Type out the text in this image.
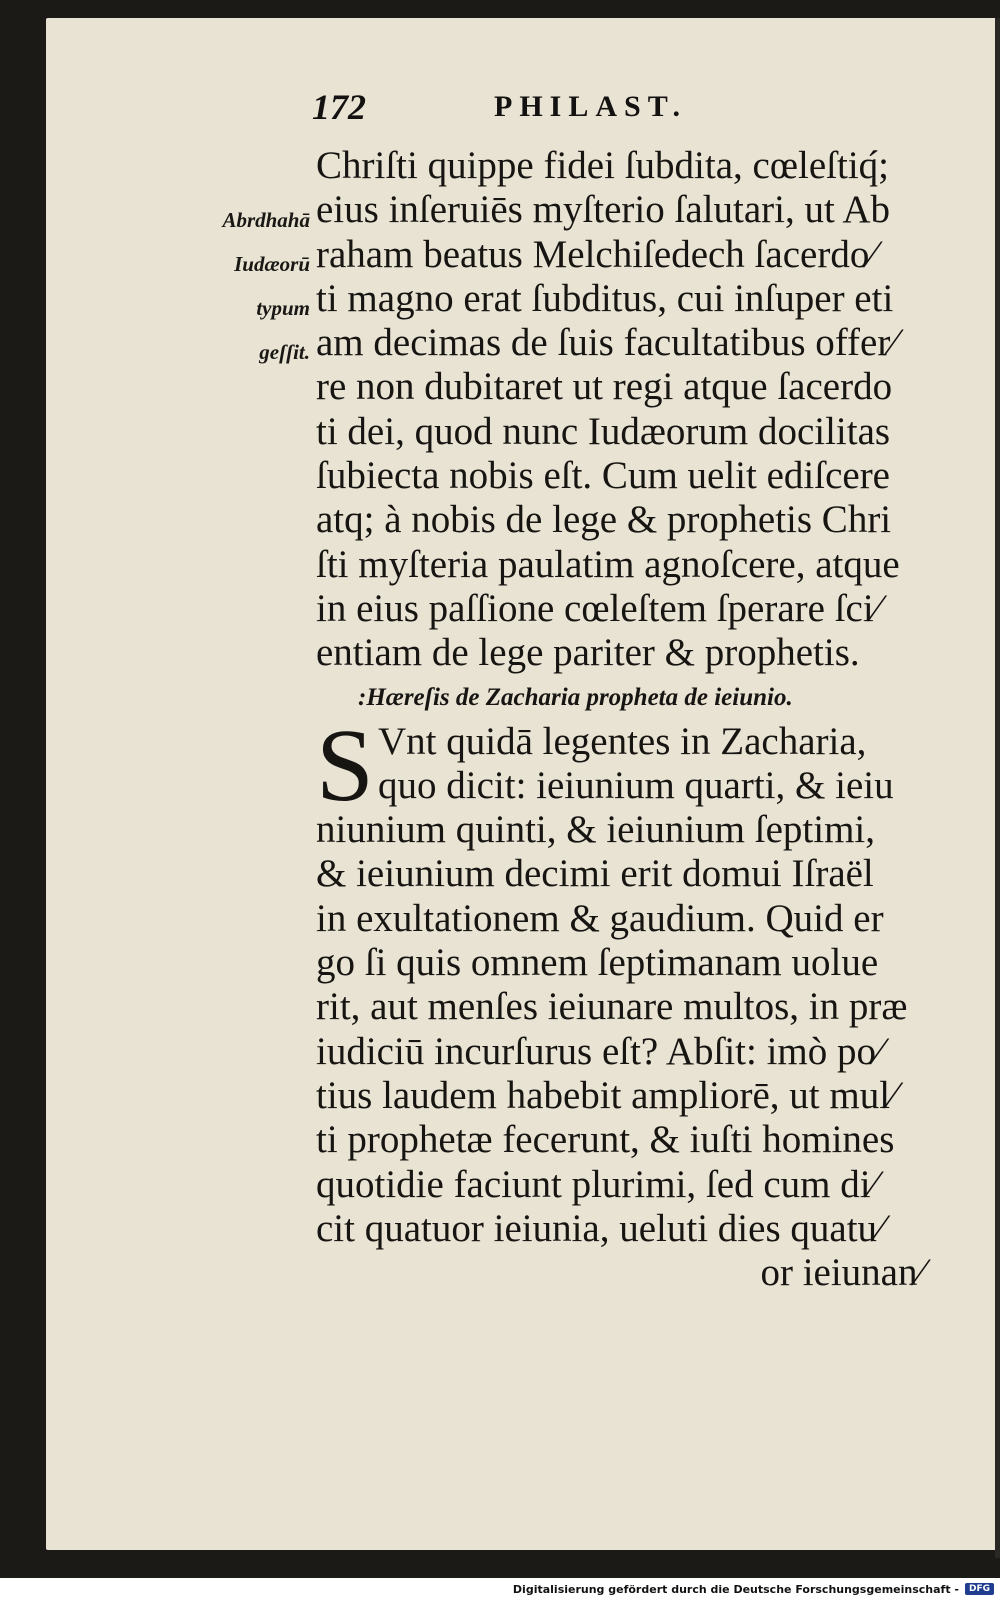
172	PHILAST.
Abrdhahā
Iudæorū
typum
geſſit.
Chriſti quippe fidei ſubdita, cœleſtiq́;
eius inſeruiēs myſterio ſalutari, ut Ab
raham beatus Melchiſedech ſacerdo⁄
ti magno erat ſubditus, cui inſuper eti
am decimas de ſuis facultatibus offer⁄
re non dubitaret ut regi atque ſacerdo
ti dei, quod nunc Iudæorum docilitas
ſubiecta nobis eſt. Cum uelit ediſcere
atq; à nobis de lege & prophetis Chri
ſti myſteria paulatim agnoſcere, atque
in eius paſſione cœleſtem ſperare ſci⁄
entiam de lege pariter & prophetis.
:Hæreſis de Zacharia propheta de ieiunio.
S Vnt quidā legentes in Zacharia,
quo dicit: ieiunium quarti, & ieiu
niunium quinti, & ieiunium ſeptimi,
& ieiunium decimi erit domui Iſraël
in exultationem & gaudium. Quid er
go ſi quis omnem ſeptimanam uolue
rit, aut menſes ieiunare multos, in præ
iudiciū incurſurus eſt? Abſit: imò po⁄
tius laudem habebit ampliorē, ut mul⁄
ti prophetæ fecerunt, & iuſti homines
quotidie faciunt plurimi, ſed cum di⁄
cit quatuor ieiunia, ueluti dies quatu⁄
or ieiunan⁄
Digitalisierung gefördert durch die Deutsche Forschungsgemeinschaft -	DFG
